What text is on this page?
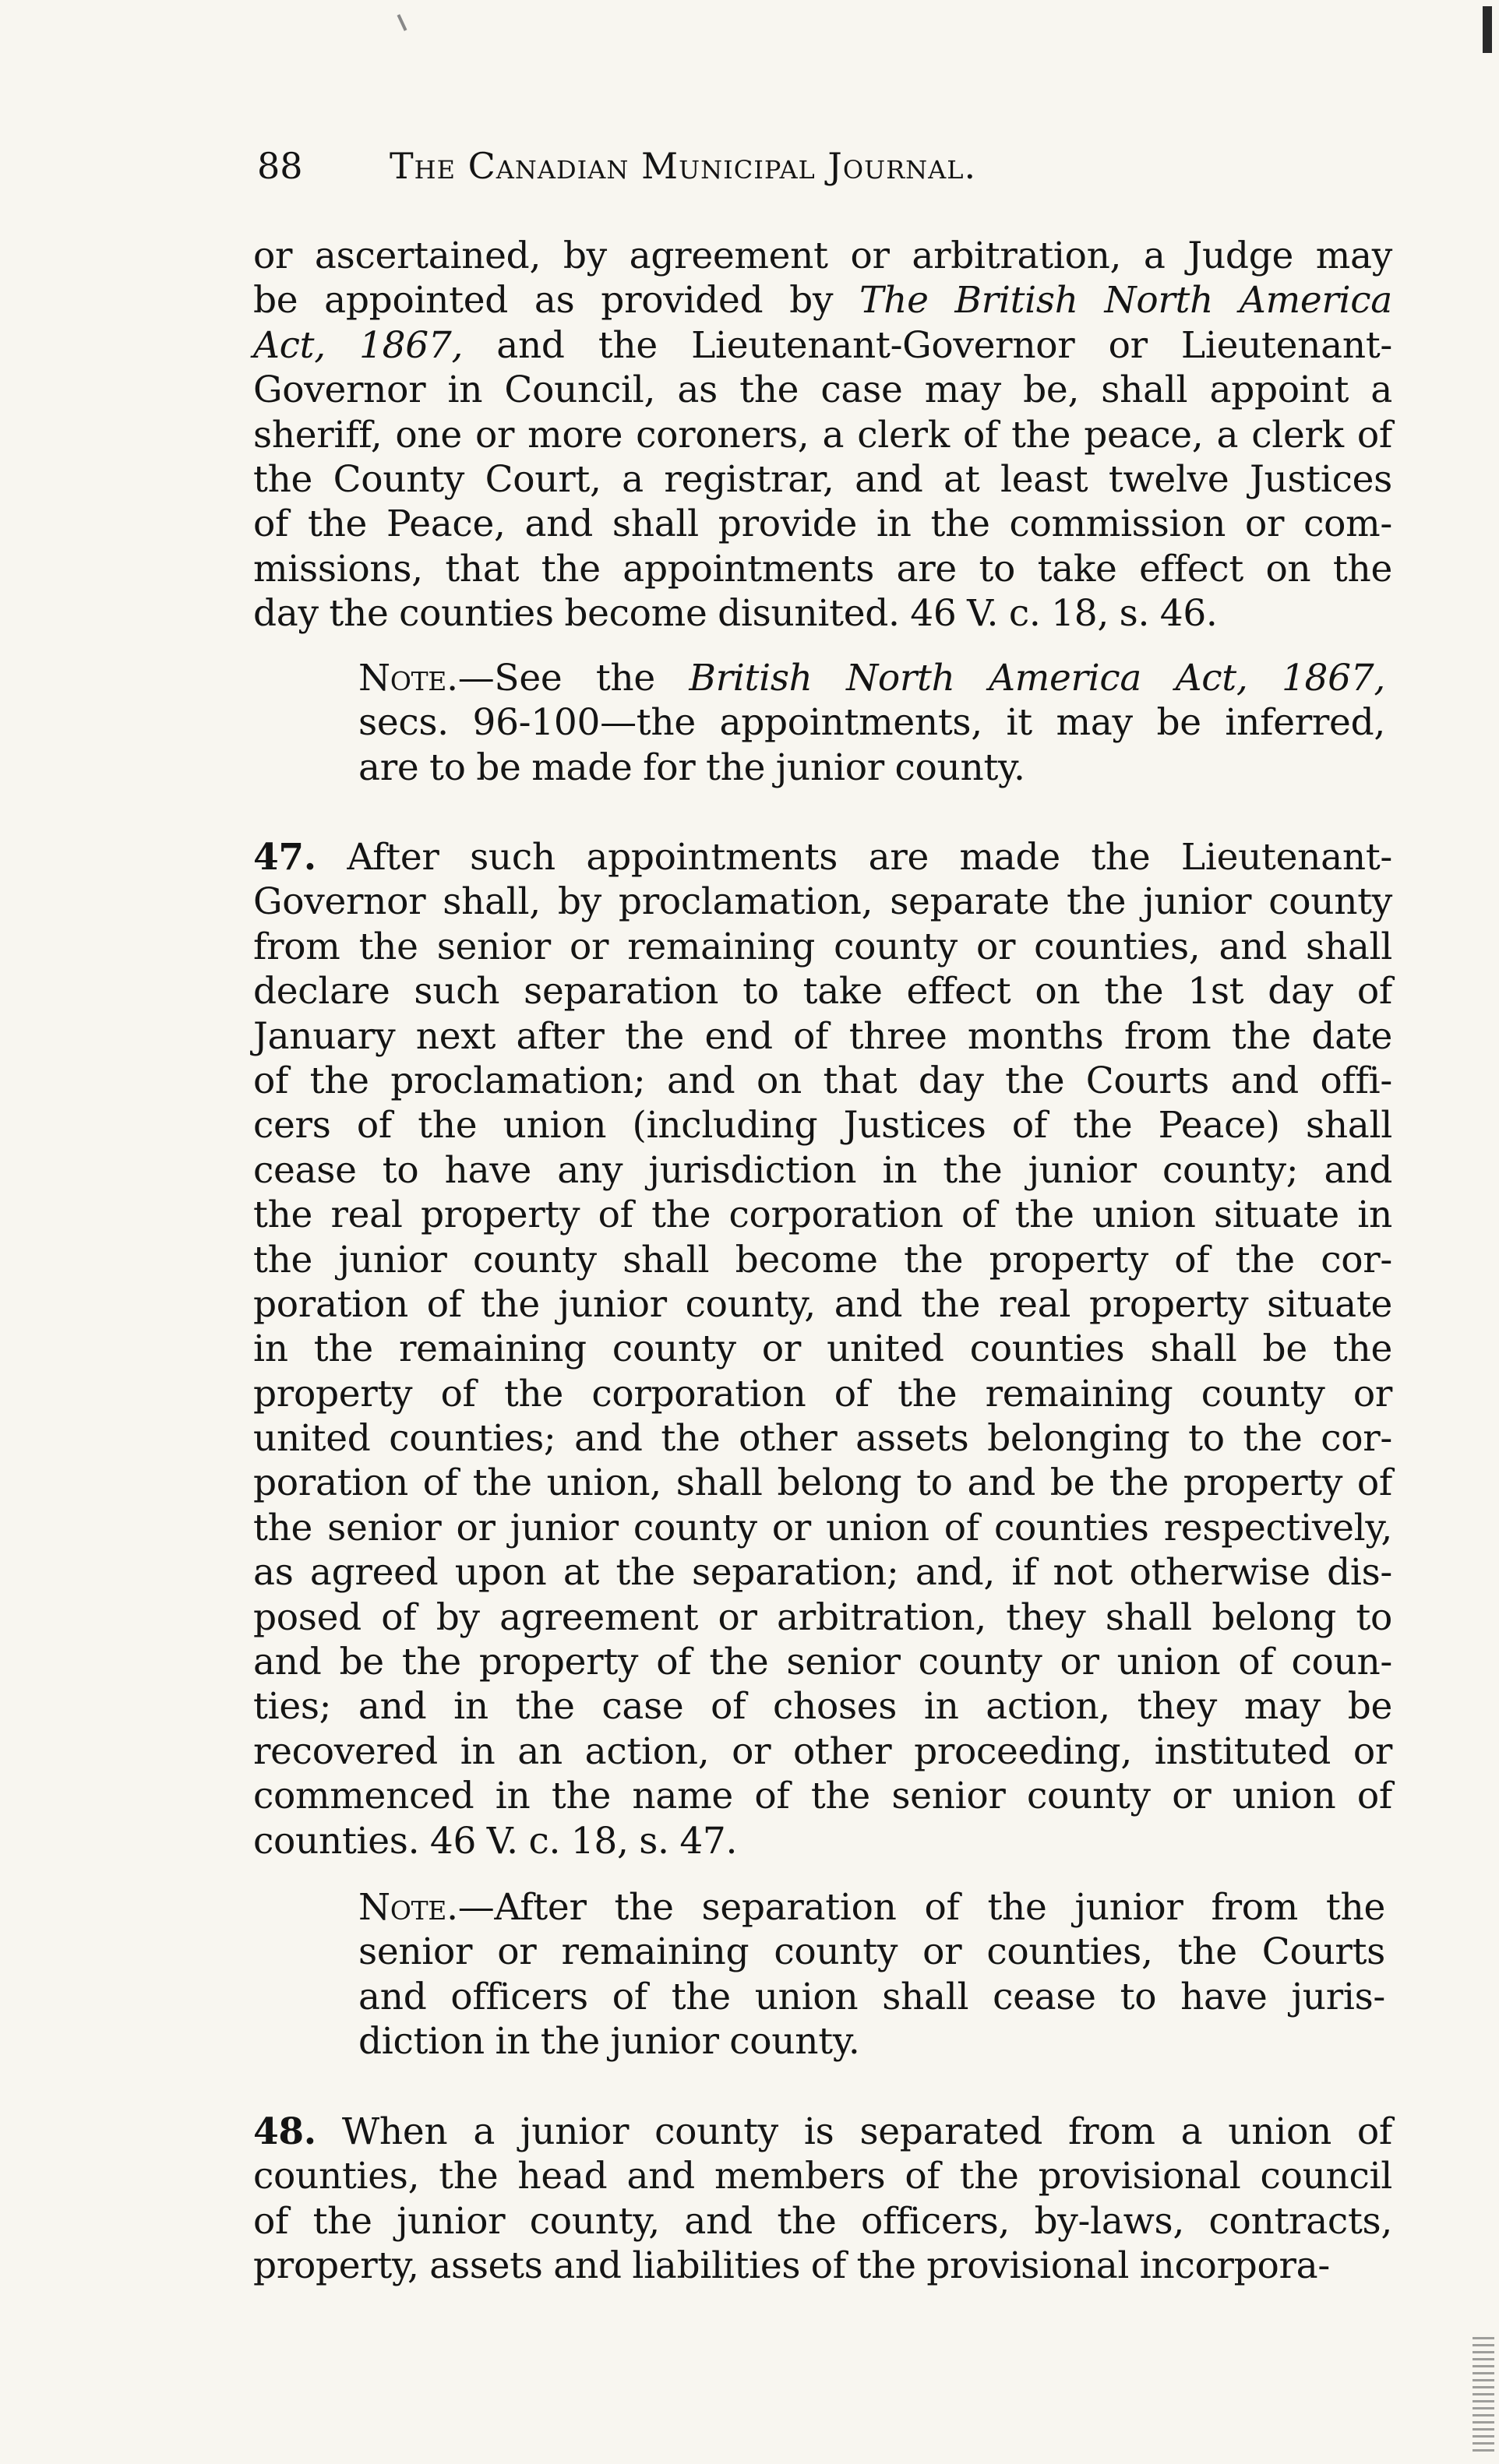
88 The Canadian Municipal Journal.
or ascertained, by agreement or arbitration, a Judge may
be appointed as provided by The British North America
Act, 1867, and the Lieutenant-Governor or Lieutenant-
Governor in Council, as the case may be, shall appoint a
sheriff, one or more coroners, a clerk of the peace, a clerk of
the County Court, a registrar, and at least twelve Justices
of the Peace, and shall provide in the commission or com-
missions, that the appointments are to take effect on the
day the counties become disunited. 46 V. c. 18, s. 46.
Note.—See the British North America Act, 1867,
secs. 96-100—the appointments, it may be inferred,
are to be made for the junior county.
47. After such appointments are made the Lieutenant-
Governor shall, by proclamation, separate the junior county
from the senior or remaining county or counties, and shall
declare such separation to take effect on the 1st day of
January next after the end of three months from the date
of the proclamation; and on that day the Courts and offi-
cers of the union (including Justices of the Peace) shall
cease to have any jurisdiction in the junior county; and
the real property of the corporation of the union situate in
the junior county shall become the property of the cor-
poration of the junior county, and the real property situate
in the remaining county or united counties shall be the
property of the corporation of the remaining county or
united counties; and the other assets belonging to the cor-
poration of the union, shall belong to and be the property of
the senior or junior county or union of counties respectively,
as agreed upon at the separation; and, if not otherwise dis-
posed of by agreement or arbitration, they shall belong to
and be the property of the senior county or union of coun-
ties; and in the case of choses in action, they may be
recovered in an action, or other proceeding, instituted or
commenced in the name of the senior county or union of
counties. 46 V. c. 18, s. 47.
Note.—After the separation of the junior from the
senior or remaining county or counties, the Courts
and officers of the union shall cease to have juris-
diction in the junior county.
48. When a junior county is separated from a union of
counties, the head and members of the provisional council
of the junior county, and the officers, by-laws, contracts,
property, assets and liabilities of the provisional incorpora-
